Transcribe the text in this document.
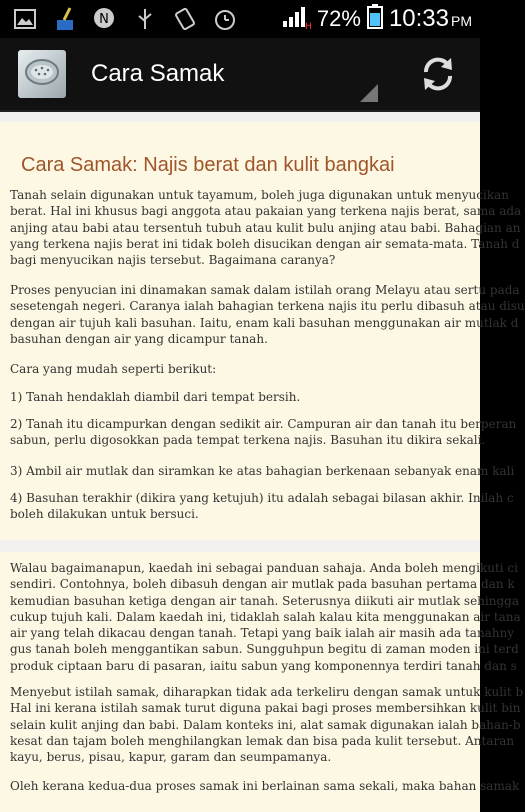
N	H 72% 10:33 PM
Cara Samak
Cara Samak: Najis berat dan kulit bangkai
Tanah selain digunakan untuk tayamum, boleh juga digunakan untuk menyucikan
berat. Hal ini khusus bagi anggota atau pakaian yang terkena najis berat, sama ada
anjing atau babi atau tersentuh tubuh atau kulit bulu anjing atau babi. Bahagian an
yang terkena najis berat ini tidak boleh disucikan dengan air semata-mata. Tanah d
bagi menyucikan najis tersebut. Bagaimana caranya?
Proses penyucian ini dinamakan samak dalam istilah orang Melayu atau sertu pada
sesetengah negeri. Caranya ialah bahagian terkena najis itu perlu dibasuh atau disu
dengan air tujuh kali basuhan. Iaitu, enam kali basuhan menggunakan air mutlak d
basuhan dengan air yang dicampur tanah.
Cara yang mudah seperti berikut:
1) Tanah hendaklah diambil dari tempat bersih.
2) Tanah itu dicampurkan dengan sedikit air. Campuran air dan tanah itu berperan
sabun, perlu digosokkan pada tempat terkena najis. Basuhan itu dikira sekali.
3) Ambil air mutlak dan siramkan ke atas bahagian berkenaan sebanyak enam kali
4) Basuhan terakhir (dikira yang ketujuh) itu adalah sebagai bilasan akhir. Inilah c
boleh dilakukan untuk bersuci.
Walau bagaimanapun, kaedah ini sebagai panduan sahaja. Anda boleh mengikuti ci
sendiri. Contohnya, boleh dibasuh dengan air mutlak pada basuhan pertama dan k
kemudian basuhan ketiga dengan air tanah. Seterusnya diikuti air mutlak sehingga
cukup tujuh kali. Dalam kaedah ini, tidaklah salah kalau kita menggunakan air tana
air yang telah dikacau dengan tanah. Tetapi yang baik ialah air masih ada tanahny
gus tanah boleh menggantikan sabun. Sungguhpun begitu di zaman moden ini terd
produk ciptaan baru di pasaran, iaitu sabun yang komponennya terdiri tanah dan s
Menyebut istilah samak, diharapkan tidak ada terkeliru dengan samak untuk kulit b
Hal ini kerana istilah samak turut diguna pakai bagi proses membersihkan kulit bin
selain kulit anjing dan babi. Dalam konteks ini, alat samak digunakan ialah bahan-b
kesat dan tajam boleh menghilangkan lemak dan bisa pada kulit tersebut. Antaran
kayu, berus, pisau, kapur, garam dan seumpamanya.
Oleh kerana kedua-dua proses samak ini berlainan sama sekali, maka bahan samak
